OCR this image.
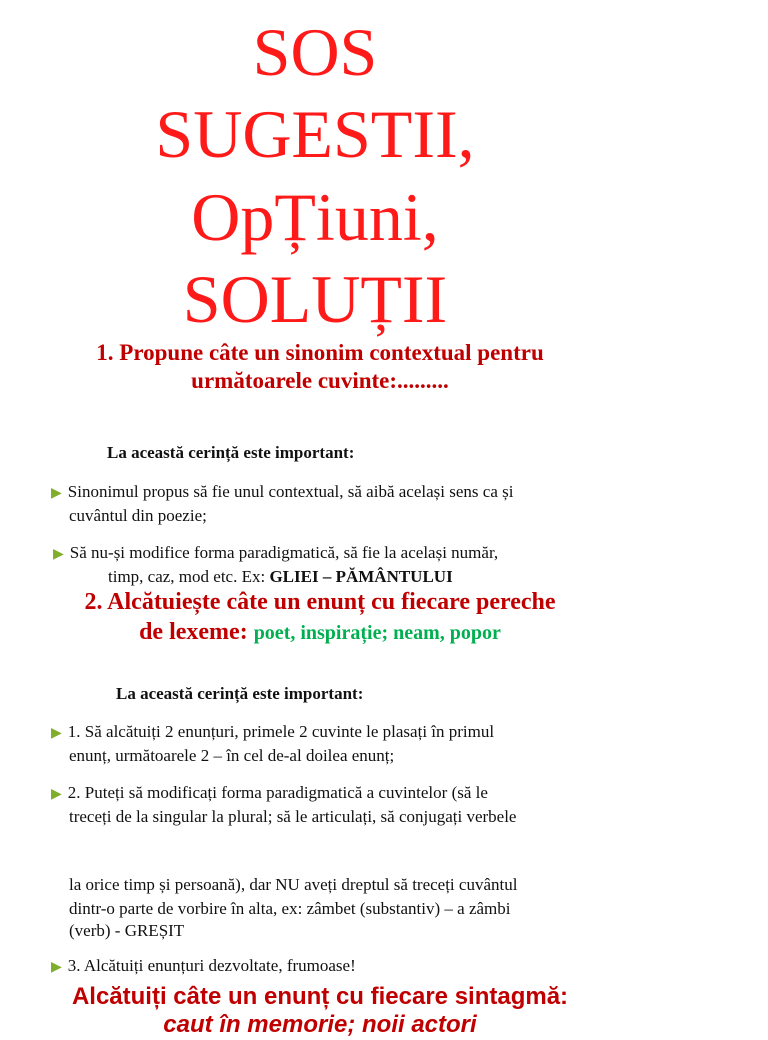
SOS
SUGESTII,
OpȚiuni,
SOLUȚII
1. Propune câte un sinonim contextual pentru
următoarele cuvinte:.........
La această cerință este important:
▶ Sinonimul propus să fie unul contextual, să aibă același sens ca și
cuvântul din poezie;
▶ Să nu-și modifice forma paradigmatică, să fie la același număr,
timp, caz, mod etc. Ex: GLIEI – PĂMÂNTULUI
2. Alcătuiește câte un enunț cu fiecare pereche
de lexeme: poet, inspirație; neam, popor
La această cerință este important:
▶ 1. Să alcătuiți 2 enunțuri, primele 2 cuvinte le plasați în primul
enunț, următoarele 2 – în cel de-al doilea enunț;
▶ 2. Puteți să modificați forma paradigmatică a cuvintelor (să le
treceți de la singular la plural; să le articulați, să conjugați verbele
la orice timp și persoană), dar NU aveți dreptul să treceți cuvântul
dintr-o parte de vorbire în alta, ex: zâmbet (substantiv) – a zâmbi
(verb) - GREȘIT
▶ 3. Alcătuiți enunțuri dezvoltate, frumoase!
Alcătuiți câte un enunț cu fiecare sintagmă:
caut în memorie; noii actori
